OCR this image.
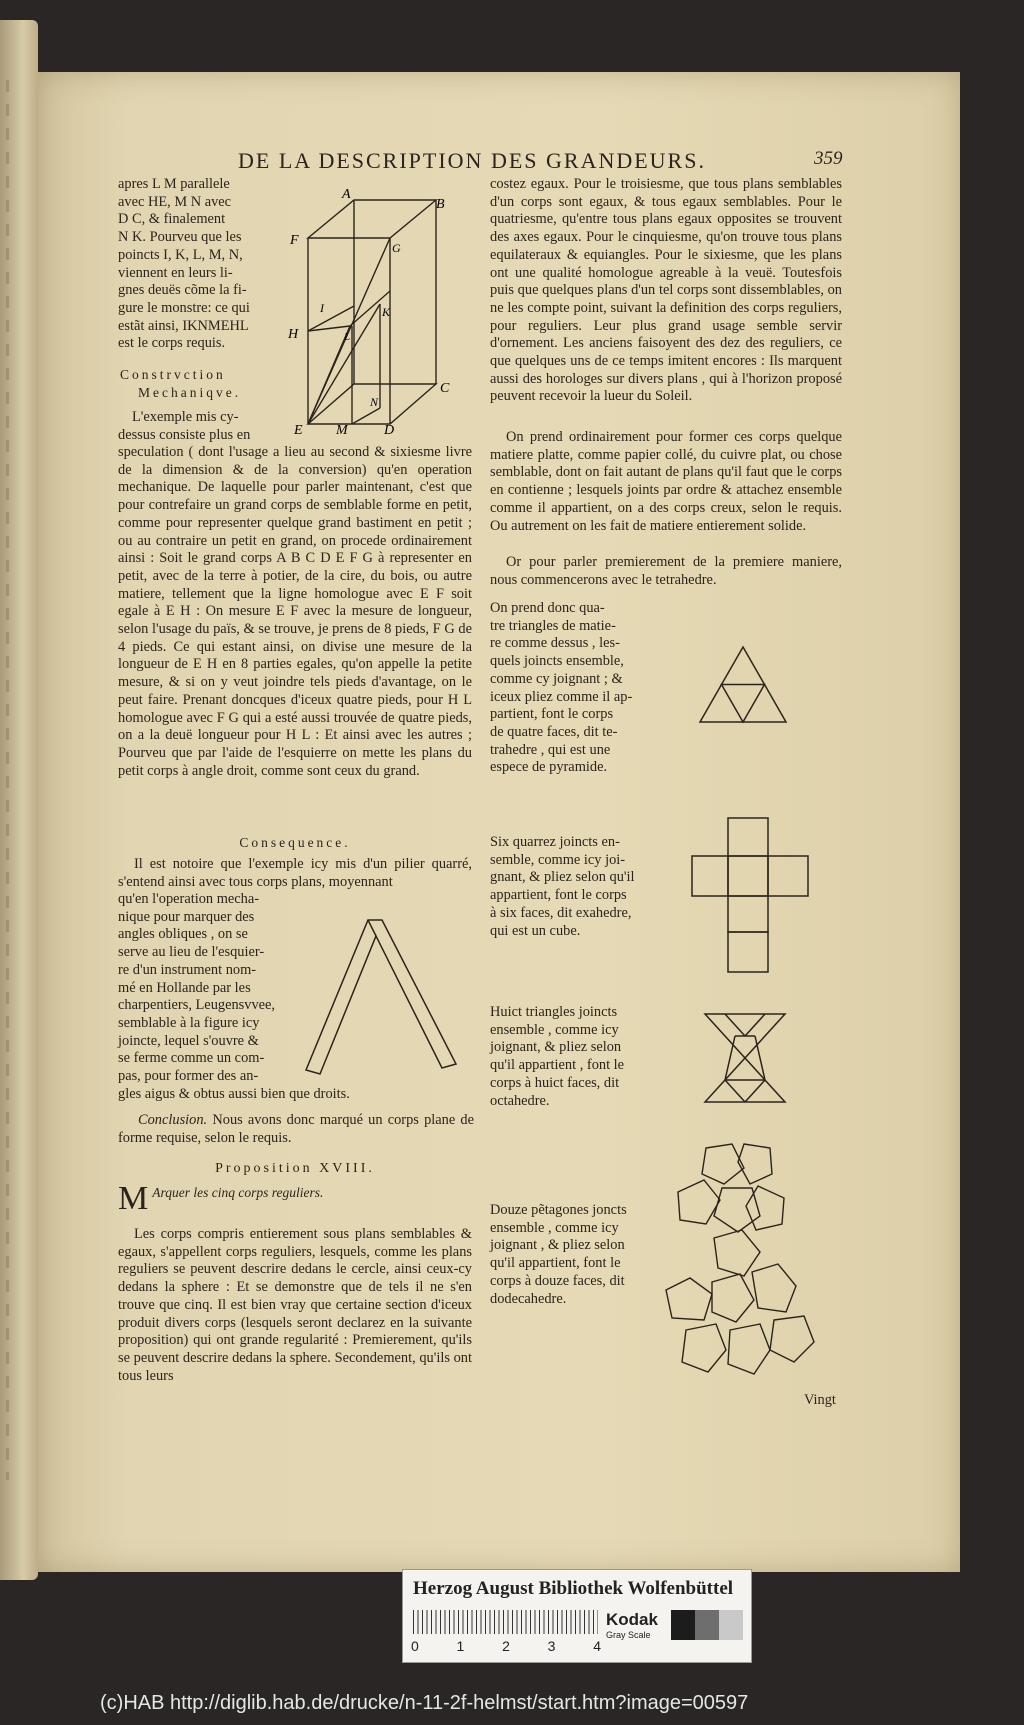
DE LA DESCRIPTION DES GRANDEURS.	359

apres L M parallele

avec HE, M N avec

D C, & finalement

N K. Pourveu que les

poincts I, K, L, M, N,

viennent en leurs li-

gnes deuës cõme la fi-

gure le monstre: ce qui

estãt ainsi, IKNMEHL

est le corps requis.

A
B
F	G
I	K
H	L
C
N
E M	D

Constrvction

Mechaniqve.

L'exemple mis cy-

dessus consiste plus en

speculation ( dont l'usage a lieu au second & sixiesme livre de la dimension & de la conversion) qu'en operation mechanique. De laquelle pour parler maintenant, c'est que pour contrefaire un grand corps de semblable forme en petit, comme pour representer quelque grand bastiment en petit ; ou au contraire un petit en grand, on procede ordinairement ainsi : Soit le grand corps A B C D E F G à representer en petit, avec de la terre à potier, de la cire, du bois, ou autre matiere, tellement que la ligne homologue avec E F soit egale à E H : On mesure E F avec la mesure de longueur, selon l'usage du païs, & se trouve, je prens de 8 pieds, F G de 4 pieds. Ce qui estant ainsi, on divise une mesure de la longueur de E H en 8 parties egales, qu'on appelle la petite mesure, & si on y veut joindre tels pieds d'avantage, on le peut faire. Prenant doncques d'iceux quatre pieds, pour H L homologue avec F G qui a esté aussi trouvée de quatre pieds, on a la deuë longueur pour H L : Et ainsi avec les autres ; Pourveu que par l'aide de l'esquierre on mette les plans du petit corps à angle droit, comme sont ceux du grand.

Consequence.

Il est notoire que l'exemple icy mis d'un pilier quarré, s'entend ainsi avec tous corps plans, moyennant

qu'en l'operation mecha-

nique pour marquer des

angles obliques , on se

serve au lieu de l'esquier-

re d'un instrument nom-

mé en Hollande par les

charpentiers, Leugensvvee,

semblable à la figure icy

joincte, lequel s'ouvre &

se ferme comme un com-

pas, pour former des an-

gles aigus & obtus aussi bien que droits.

Conclusion. Nous avons donc marqué un corps plane de forme requise, selon le requis.

Proposition XVIII.

M Arquer les cinq corps reguliers.

Les corps compris entierement sous plans semblables & egaux, s'appellent corps reguliers, lesquels, comme les plans reguliers se peuvent descrire dedans le cercle, ainsi ceux-cy dedans la sphere : Et se demonstre que de tels il ne s'en trouve que cinq. Il est bien vray que certaine section d'iceux produit divers corps (lesquels seront declarez en la suivante proposition) qui ont grande regularité : Premierement, qu'ils se peuvent descrire dedans la sphere. Secondement, qu'ils ont tous leurs

costez egaux. Pour le troisiesme, que tous plans semblables d'un corps sont egaux, & tous egaux semblables. Pour le quatriesme, qu'entre tous plans egaux opposites se trouvent des axes egaux. Pour le cinquiesme, qu'on trouve tous plans equilateraux & equiangles. Pour le sixiesme, que les plans ont une qualité homologue agreable à la veuë. Toutesfois puis que quelques plans d'un tel corps sont dissemblables, on ne les compte point, suivant la definition des corps reguliers, pour reguliers. Leur plus grand usage semble servir d'ornement. Les anciens faisoyent des dez des reguliers, ce que quelques uns de ce temps imitent encores : Ils marquent aussi des horologes sur divers plans , qui à l'horizon proposé peuvent recevoir la lueur du Soleil.

On prend ordinairement pour former ces corps quelque matiere platte, comme papier collé, du cuivre plat, ou chose semblable, dont on fait autant de plans qu'il faut que le corps en contienne ; lesquels joints par ordre & attachez ensemble comme il appartient, on a des corps creux, selon le requis. Ou autrement on les fait de matiere entierement solide.

Or pour parler premierement de la premiere maniere, nous commencerons avec le tetrahedre.

On prend donc qua-

tre triangles de matie-

re comme dessus , les-

quels joincts ensemble,

comme cy joignant ; &

iceux pliez comme il ap-

partient, font le corps

de quatre faces, dit te-

trahedre , qui est une

espece de pyramide.

Six quarrez joincts en-

semble, comme icy joi-

gnant, & pliez selon qu'il

appartient, font le corps

à six faces, dit exahedre,

qui est un cube.

Huict triangles joincts

ensemble , comme icy

joignant, & pliez selon

qu'il appartient , font le

corps à huict faces, dit

octahedre.

Douze pẽtagones joncts

ensemble , comme icy

joignant , & pliez selon

qu'il appartient, font le

corps à douze faces, dit

dodecahedre.

Vingt

Herzog August Bibliothek Wolfenbüttel
0	1	2	3	4
Kodak
Gray Scale
(c)HAB http://diglib.hab.de/drucke/n-11-2f-helmst/start.htm?image=00597
